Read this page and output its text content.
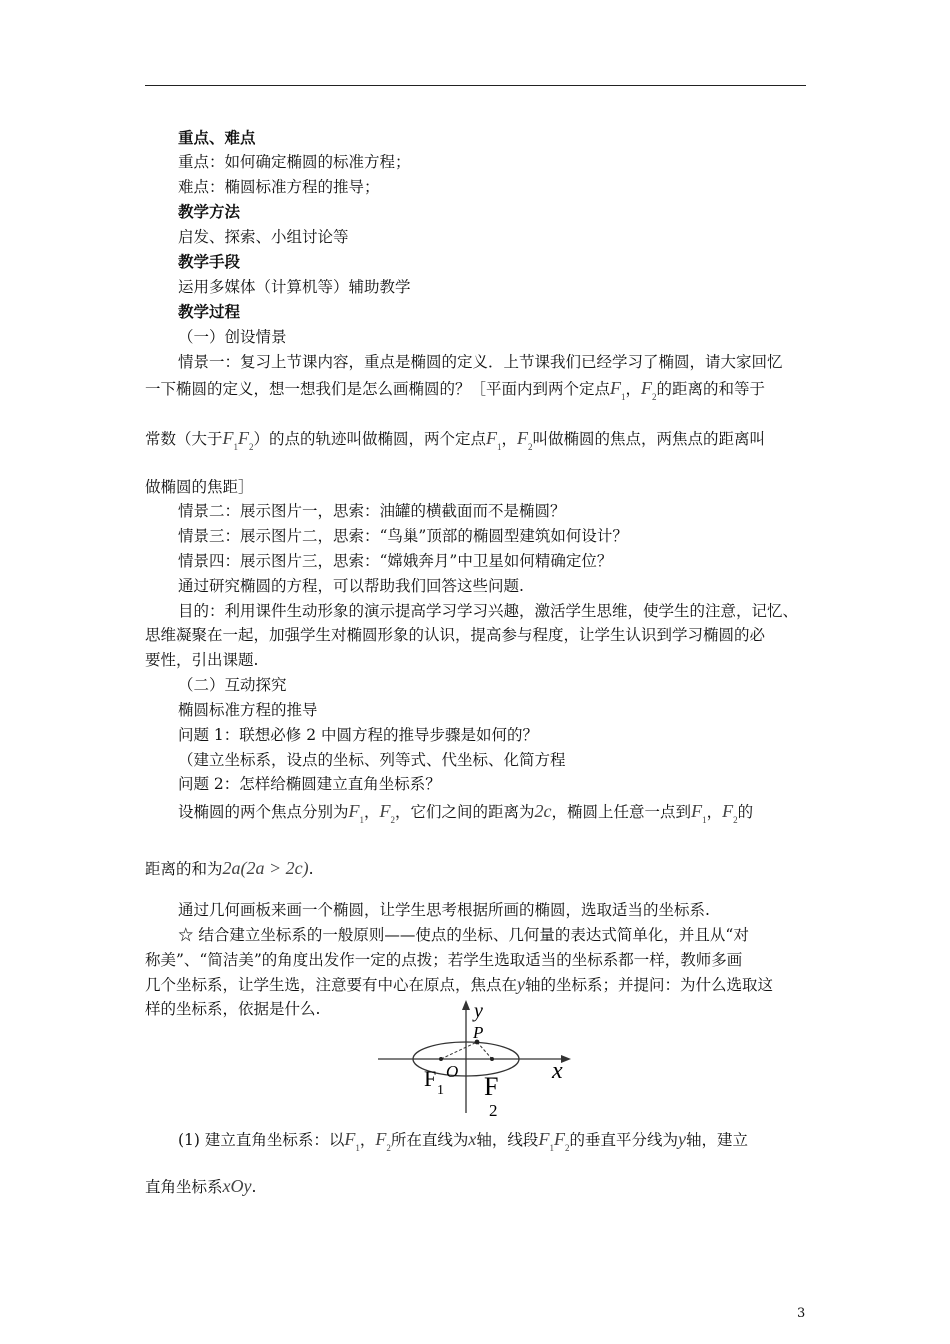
重点、难点
重点：如何确定椭圆的标准方程；
难点：椭圆标准方程的推导；
教学方法
启发、探索、小组讨论等
教学手段
运用多媒体（计算机等）辅助教学
教学过程
（一）创设情景
情景一：复习上节课内容，重点是椭圆的定义．上节课我们已经学习了椭圆，请大家回忆
一下椭圆的定义，想一想我们是怎么画椭圆的？［平面内到两个定点$F_1$，$F_2$的距离的和等于
常数（大于$F_1F_2$）的点的轨迹叫做椭圆，两个定点$F_1$，$F_2$叫做椭圆的焦点，两焦点的距离叫
做椭圆的焦距］
情景二：展示图片一，思索：油罐的横截面而不是椭圆？
情景三：展示图片二，思索：“鸟巢”顶部的椭圆型建筑如何设计？
情景四：展示图片三，思索：“嫦娥奔月”中卫星如何精确定位？
通过研究椭圆的方程，可以帮助我们回答这些问题.
目的：利用课件生动形象的演示提高学习学习兴趣，激活学生思维，使学生的注意，记忆、
思维凝聚在一起，加强学生对椭圆形象的认识，提高参与程度，让学生认识到学习椭圆的必
要性，引出课题.
（二）互动探究
椭圆标准方程的推导
问题 1：联想必修 2 中圆方程的推导步骤是如何的？
（建立坐标系，设点的坐标、列等式、代坐标、化简方程
问题 2：怎样给椭圆建立直角坐标系？
设椭圆的两个焦点分别为$F_1$，$F_2$，它们之间的距离为2c，椭圆上任意一点到$F_1$，$F_2$的
距离的和为2a(2a > 2c).
通过几何画板来画一个椭圆，让学生思考根据所画的椭圆，选取适当的坐标系.
☆ 结合建立坐标系的一般原则——使点的坐标、几何量的表达式简单化，并且从“对
称美”、“简洁美”的角度出发作一定的点拨；若学生选取适当的坐标系都一样，教师多画
几个坐标系，让学生选，注意要有中心在原点，焦点在y轴的坐标系；并提问：为什么选取这
样的坐标系，依据是什么.	y
x
P
O
F 1 F
2
(1) 建立直角坐标系：以$F_1$，$F_2$所在直线为x轴，线段$F_1F_2$的垂直平分线为y轴，建立
直角坐标系xOy.
3
